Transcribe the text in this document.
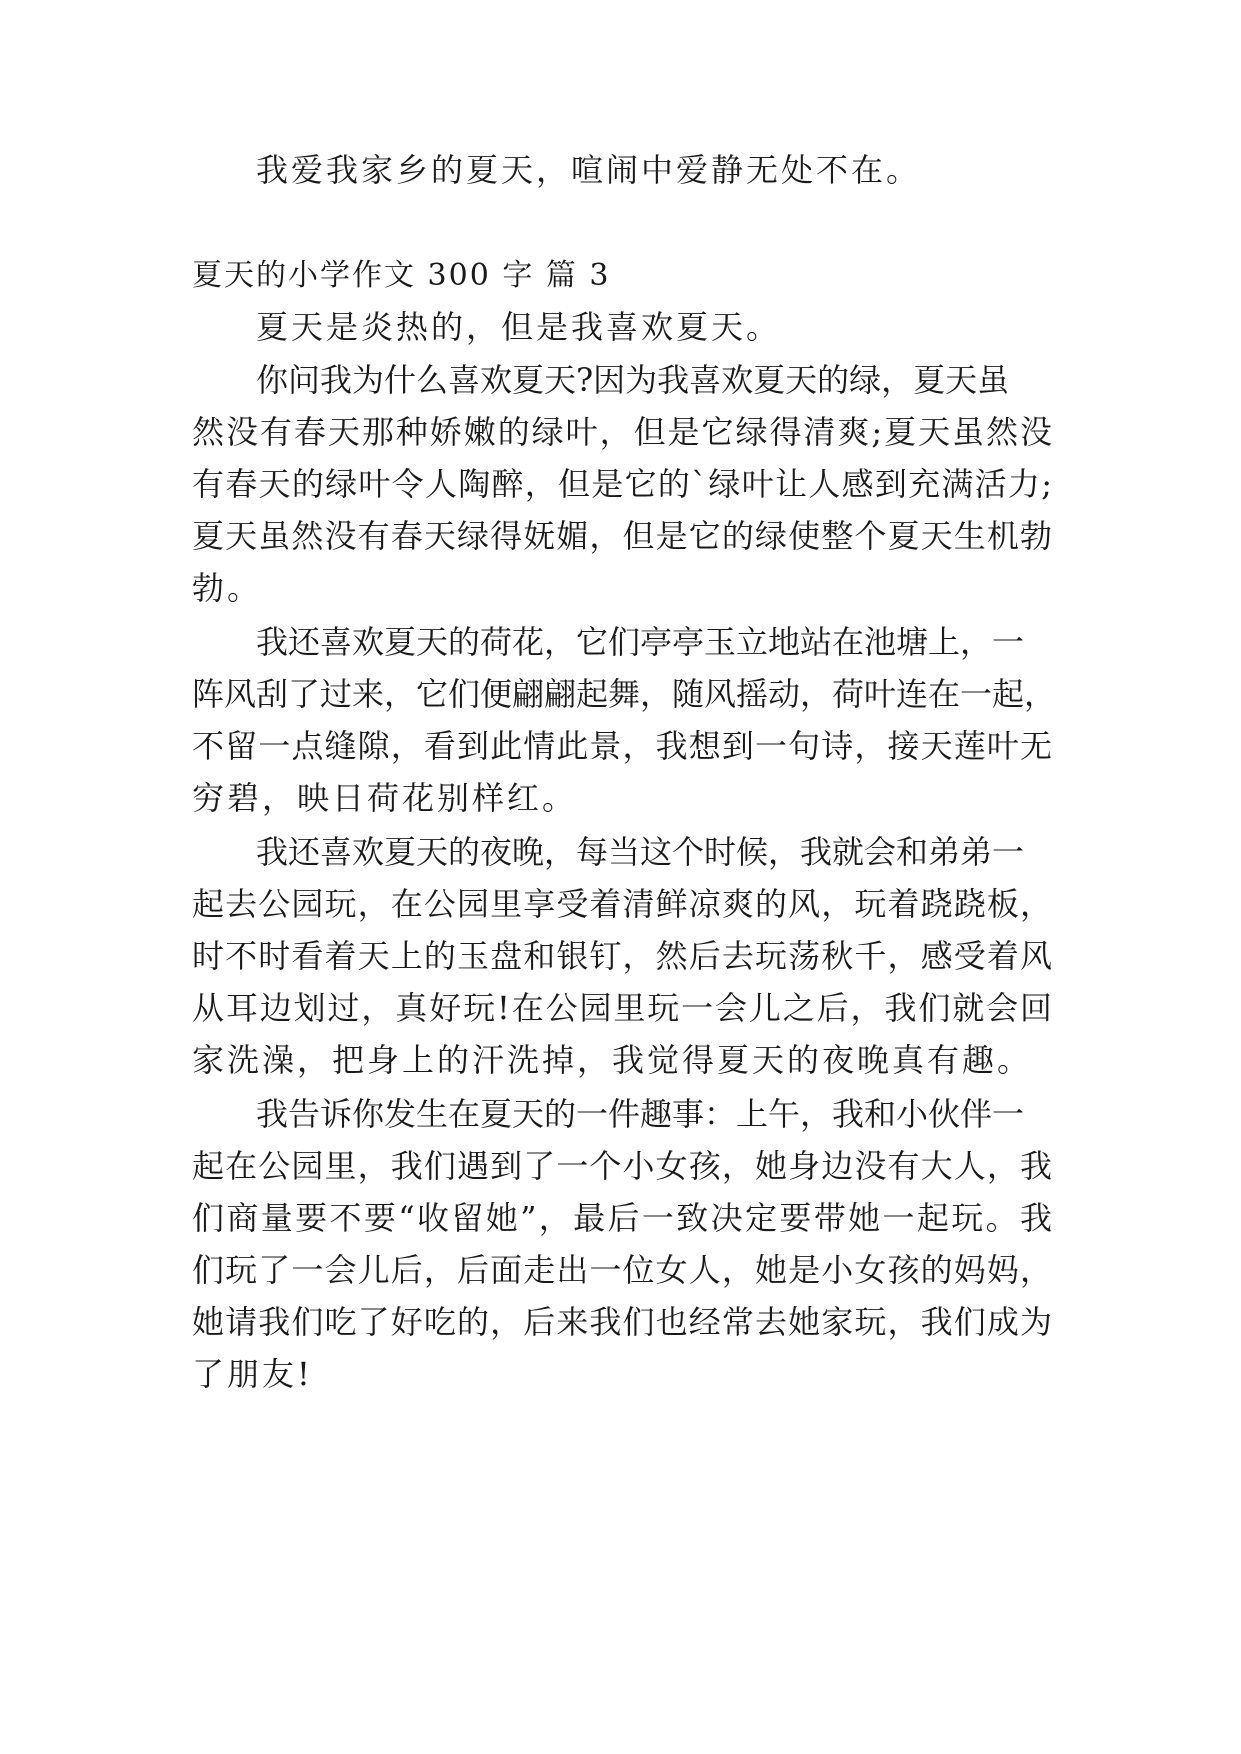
我爱我家乡的夏天，喧闹中爱静无处不在。
夏天的小学作文 300 字 篇 3
夏天是炎热的，但是我喜欢夏天。
你问我为什么喜欢夏天?因为我喜欢夏天的绿，夏天虽
然没有春天那种娇嫩的绿叶，但是它绿得清爽;夏天虽然没
有春天的绿叶令人陶醉，但是它的`绿叶让人感到充满活力;
夏天虽然没有春天绿得妩媚，但是它的绿使整个夏天生机勃
勃。
我还喜欢夏天的荷花，它们亭亭玉立地站在池塘上，一
阵风刮了过来，它们便翩翩起舞，随风摇动，荷叶连在一起，
不留一点缝隙，看到此情此景，我想到一句诗，接天莲叶无
穷碧，映日荷花别样红。
我还喜欢夏天的夜晚，每当这个时候，我就会和弟弟一
起去公园玩，在公园里享受着清鲜凉爽的风，玩着跷跷板，
时不时看着天上的玉盘和银钉，然后去玩荡秋千，感受着风
从耳边划过，真好玩!在公园里玩一会儿之后，我们就会回
家洗澡，把身上的汗洗掉，我觉得夏天的夜晚真有趣。
我告诉你发生在夏天的一件趣事：上午，我和小伙伴一
起在公园里，我们遇到了一个小女孩，她身边没有大人，我
们商量要不要“收留她”，最后一致决定要带她一起玩。我
们玩了一会儿后，后面走出一位女人，她是小女孩的妈妈，
她请我们吃了好吃的，后来我们也经常去她家玩，我们成为
了朋友!
